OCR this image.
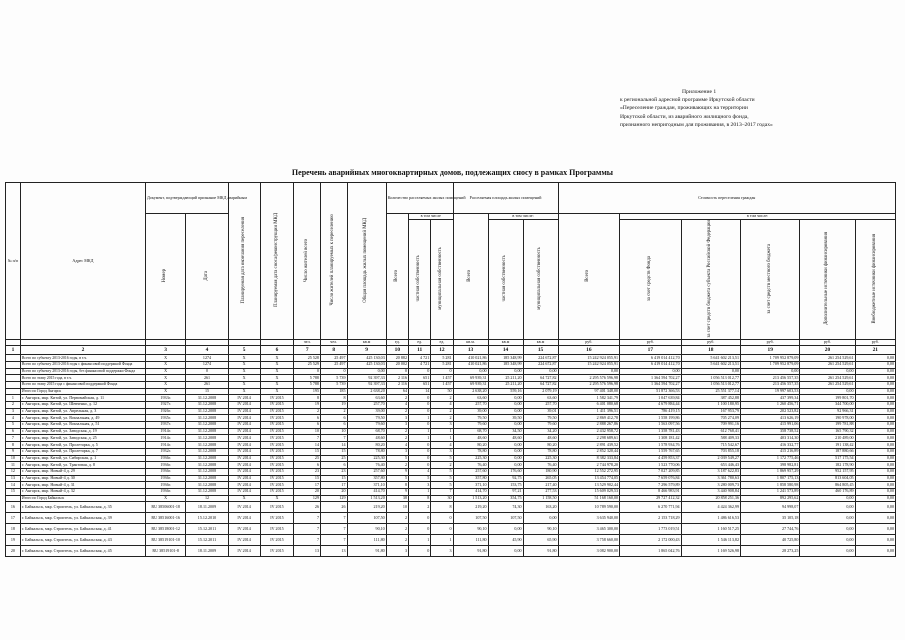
Приложение 1
к региональной адресной программе Иркутской области
«Переселение граждан, проживающих на территории
Иркутской области, из аварийного жилищного фонда,
признанного непригодным для проживания, в 2013–2017 годах»
Перечень аварийных многоквартирных домов, подлежащих сносу в рамках Программы
№ п/п	Адрес МКД	Документ, подтверждающий признание МКД аварийным		Планируемая дата окончания переселения	Планируемая дата сноса/реконструкции МКД	Число жителей всего	Число жителей планируемых к переселению	Общая площадь жилых помещений МКД	Количество расселяемых жилых помещений			Расселяемая площадь жилых помещений			Стоимость переселения граждан					
		Номер	Дата						Всего	в том числе		Всего	в том числе:		Всего	в том числе:				
										частная собственность	муниципальная собственность		частная собственность	муниципальная собственность		за счет средств Фонда	за счет средств бюджета субъекта Российской Федерации	за счет средств местного бюджета	Дополнительные источники финансирования	Внебюджетные источники финансирования
						чел.	чел.	кв.м	ед.	ед.	ед.	кв.м.	кв.м	кв.м	руб.	руб.	руб.	руб.	руб.	руб.
1	2	3	4	5	6	7	8	9	10	11	12	13	14	15	16	17	18	19	20	21
	Всего по субъекту 2013-2016 годы, в т.ч.	X	1274	X	X	25 528	25 497	425 130,03	20 882	4 721	5 281	410 021,86	185 348,99	224 672,87	15 242 924 055,91	6 419 014 412,70	5 641 602 213,51	1 709 952 879,09	261 254 529,61	0,00
	Всего по субъекту 2013-2016 годы с финансовой поддержкой Фонда	X	1274	X	X	25 529	25 497	425 130,03	20 002	4 721	5 281	410 021,86	185 348,99	224 672,87	15 242 924 055,91	6 419 014 412,70	5 641 602 213,51	1 709 952 879,09	261 254 529,61	0,00
	Всего по субъекту 2013-2016 годы, без финансовой поддержки Фонда	X	0	X	X	0	0	0,00	0	0	0	0,00	0,00	0,00	0,00	0,00	0,00	0,00	0,00	0,00
	Всего по этапу 2015 года, в т.ч.	X	261	X	X	5 788	5 739	92 397,33	2 116	651	1 457	69 939,31	25 211,20	64 727,82	2 295 576 596,98	1 364 594 702,27	1 056 513 012,77	213 456 557,35	261 254 529,61	0,00
	Всего по этапу 2015 года с финансовой поддержкой Фонда	X	261	X	X	5 788	5 739	92 397,33	2 116	651	1 457	69 939,31	25 211,20	64 727,82	2 295 576 596,98	1 364 594 702,27	1 056 513 012,77	213 456 557,35	261 254 529,61	0,00
	Итого по Город Ангарск	X	15	X	X	195	185	2 638,20	64	14	50	2 638,20	559,16	2 079,19	97 401 348,00	51 872 366,53	25 551 377,14	19 997 603,53	0,00	0,00
1	г. Ангарск, мкр. Китой, ул. Первомайская, д. 11	1933г.	31.12.2008	IV 2014	IV 2015	8	8	63,60	2	0	2	63,60	0,00	63,60	1 582 341,79	1 047 639,84	387 452,88	437 399,34	199 801,70	0,00
2	г. Ангарск, мкр. Китой, ул. Шевченко, д. 12	1927г.	31.12.2008	IV 2014	IV 2015	19	19	257,70	4	0	4	257,70	0,00	257,70	6 401 080,68	4 679 884,44	1 100 180,95	1 260 456,71	344 700,00	0,00
3	г. Ангарск, мкр. Китой, ул. Апрельная, д. 3	1926г.	31.12.2008	IV 2014	IV 2015	2	2	39,00	2	0	2	39,00	0,00	39,01	1 411 396,51	786 419,15	167 953,79	202 523,82	92 966,31	0,00
4	г. Ангарск, мкр. Китой, ул. Вокзальная, д. 49	1935г.	31.12.2008	IV 2014	IV 2015	6	6	79,50	3	1	2	79,50	39,50	79,50	2 869 412,78	1 558 199,86	705 274,09	413 626,19	190 978,00	0,00
5	г. Ангарск, мкр. Китой, ул. Вокзальная, д. 51	1937г.	31.12.2008	IV 2014	IV 2015	6	6	79,60	3	0	3	79,60	0,00	79,60	2 888 267,86	1 563 097,56	709 991,16	415 991,06	199 781,88	0,00
6	г. Ангарск, мкр. Китой, ул. Заводская, д. 19	1914г.	31.12.2008	IV 2014	IV 2015	10	10	68,70	2	1	1	68,70	34,50	34,20	2 432 958,72	1 358 781,43	612 768,41	358 738,52	165 790,32	0,00
7	г. Ангарск, мкр. Китой, ул. Заводская, д. 25	1914г.	31.12.2008	IV 2014	IV 2015	7	7	48,60	2	1	1	48,60	48,60	48,60	2 298 689,61	1 308 181,42	588 409,33	403 314,30	210 489,00	0,00
8	г. Ангарск, мкр. Китой, ул. Пролетарка, д. 5	1914г.	31.12.2008	IV 2014	IV 2015	14	14	80,20	4	0	4	80,20	0,00	80,20	2 891 439,52	1 578 934,76	715 542,67	416 332,77	191 138,42	0,00
9	г. Ангарск, мкр. Китой, ул. Пролетарка, д. 7	1932г.	31.12.2008	IV 2014	IV 2015	15	15	78,80	3	0	3	78,80	0,00	78,80	2 852 320,44	1 559 767,65	703 855,18	415 216,89	187 880,66	0,00
10	г. Ангарск, мкр. Китой, ул. Сибирская, д. 1	1936г.	31.12.2008	IV 2014	IV 2015	25	25	225,30	5	0	5	225,30	0,00	225,30	8 382 333,84	4 459 853,37	2 039 549,27	1 172 775,46	517 175,54	0,00
11	г. Ангарск, мкр. Китой, ул. Трактовая, д. 8	1936г.	31.12.2008	IV 2014	IV 2015	6	6	76,40	2	0	2	76,40	0,00	76,40	2 744 978,20	1 523 770,06	653 446,43	398 982,81	182 178,90	0,00
12	г. Ангарск, мкр. Новый-4 д. 29	1936г.	31.12.2008	IV 2014	IV 2015	23	23	257,60	9	4	5	257,60	176,60	180,90	12 552 272,95	7 027 209,85	3 187 622,83	1 869 957,29	952 157,95	0,00
13	г. Ангарск, мкр. Новый-4 д. 30	1936г.	31.12.2008	IV 2014	IV 2015	15	15	357,80	5	5	5	357,80	92,75	265,05	13 454 774,05	7 659 076,84	3 361 780,63	1 807 175,13	813 604,05	0,00
14	г. Ангарск, мкр. Новый-4 д. 31	1936г.	31.12.2008	IV 2014	IV 2015	17	17	371,10	8	3	5	371,10	153,75	217,40	13 529 902,44	7 296 579,89	3 280 009,73	1 858 580,98	864 805,45	0,00
15	г. Ангарск, мкр. Новый-4 д. 32	1936г.	31.12.2008	IV 2014	IV 2015	20	20	414,70	9	1	7	414,70	97,21	277,53	15 609 029,53	8 466 983,91	3 440 908,84	1 241 573,89	460 176,89	0,00
	Итого по Город Байкальск	X	12	X	X	129	129	1 513,20	38	8	30	1 513,20	354,75	1 158,50	51 168 160,00	29 727 412,32	20 858 251,36	892 295,62	0,00	0,00
16	г. Байкальск, мкр. Строитель, ул. Байкальская, д. 35	RU 38506001-18	18.11.2009	IV 2014	IV 2015	26	26	219,20	10	2	8	219,20	74,30	163,20	10 789 590,00	6 270 771,94	4 424 362,99	94 998,07	0,00	0,00
17	г. Байкальск, мкр. Строитель, ул. Байкальская, д. 39	RU 38516001-16	15.12.2010	IV 2014	IV 2015	7	7	107,50	2	0	0	107,50	107,50	0,00	3 635 940,00	2 153 718,29	1 486 616,53	35 105,18	0,00	0,00
18	г. Байкальск, мкр. Строитель, ул. Байкальская, д. 41	RU 38518001-12	15.12.2011	IV 2014	IV 2015	7	7	90,10	2	0	0	90,10	0,00	90,10	3 465 300,00	1 773 019,51	1 160 517,25	27 744,76	0,00	0,00
19	г. Байкальск, мкр. Строитель, ул. Байкальская, д. 43	RU 38519101-10	15.12.2011	IV 2014	IV 2015	7	7	111,80	2	1	1	111,80	45,90	65,90	3 758 660,00	2 172 000,43	1 546 113,82	40 725,80	0,00	0,00
20	г. Байкальск, мкр. Строитель, ул. Байкальская, д. 45	RU 38519101-8	18.11.2009	IV 2014	IV 2015	13	13	91,80	3	0	3	91,80	0,00	91,80	3 082 900,00	1 865 042,76	1 169 526,98	28 273,25	0,00	0,00
